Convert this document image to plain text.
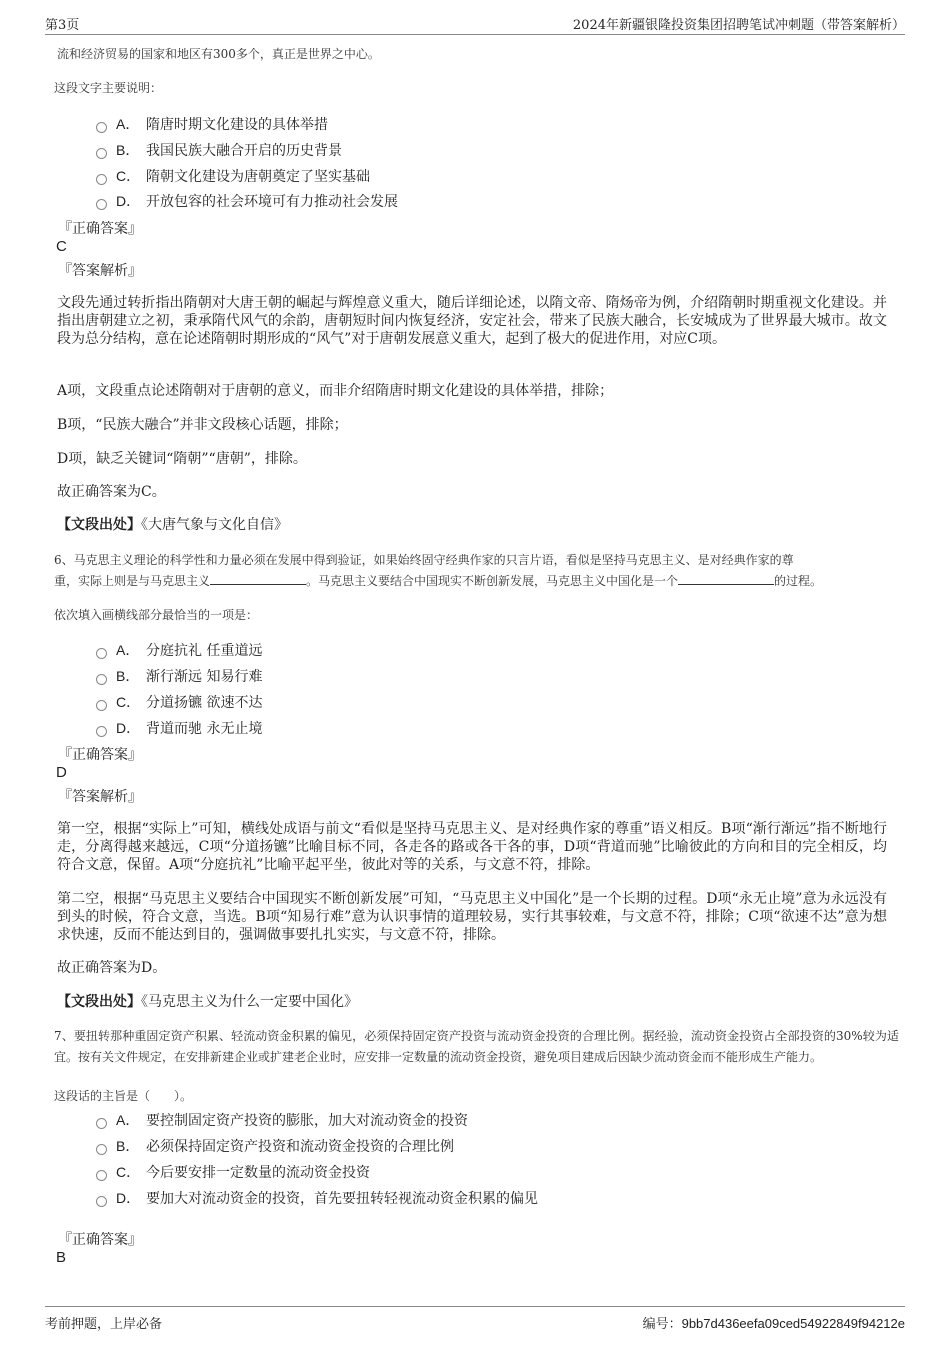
第3页	2024年新疆银隆投资集团招聘笔试冲刺题（带答案解析）
流和经济贸易的国家和地区有300多个，真正是世界之中心。
这段文字主要说明：
A． 隋唐时期文化建设的具体举措
B． 我国民族大融合开启的历史背景
C． 隋朝文化建设为唐朝奠定了坚实基础
D． 开放包容的社会环境可有力推动社会发展
『正确答案』
C
『答案解析』
文段先通过转折指出隋朝对大唐王朝的崛起与辉煌意义重大，随后详细论述，以隋文帝、隋炀帝为例，介绍隋朝时期重视文化建设。并指出唐朝建立之初，秉承隋代风气的余韵，唐朝短时间内恢复经济，安定社会，带来了民族大融合，长安城成为了世界最大城市。故文段为总分结构，意在论述隋朝时期形成的“风气”对于唐朝发展意义重大，起到了极大的促进作用，对应C项。
A项，文段重点论述隋朝对于唐朝的意义，而非介绍隋唐时期文化建设的具体举措，排除；
B项，“民族大融合”并非文段核心话题，排除；
D项，缺乏关键词“隋朝”“唐朝”，排除。
故正确答案为C。
【文段出处】《大唐气象与文化自信》
6、马克思主义理论的科学性和力量必须在发展中得到验证，如果始终固守经典作家的只言片语，看似是坚持马克思主义、是对经典作家的尊
重，实际上则是与马克思主义	。马克思主义要结合中国现实不断创新发展，马克思主义中国化是一个	的过程。
依次填入画横线部分最恰当的一项是：
A． 分庭抗礼 任重道远
B． 渐行渐远 知易行难
C． 分道扬镳 欲速不达
D． 背道而驰 永无止境
『正确答案』
D
『答案解析』
第一空，根据“实际上”可知，横线处成语与前文“看似是坚持马克思主义、是对经典作家的尊重”语义相反。B项“渐行渐远”指不断地行走，分离得越来越远，C项“分道扬镳”比喻目标不同，各走各的路或各干各的事，D项“背道而驰”比喻彼此的方向和目的完全相反，均符合文意，保留。A项“分庭抗礼”比喻平起平坐，彼此对等的关系，与文意不符，排除。
第二空，根据“马克思主义要结合中国现实不断创新发展”可知，“马克思主义中国化”是一个长期的过程。D项“永无止境”意为永远没有到头的时候，符合文意，当选。B项“知易行难”意为认识事情的道理较易，实行其事较难，与文意不符，排除；C项“欲速不达”意为想求快速，反而不能达到目的，强调做事要扎扎实实，与文意不符，排除。
故正确答案为D。
【文段出处】《马克思主义为什么一定要中国化》
7、要扭转那种重固定资产积累、轻流动资金积累的偏见，必须保持固定资产投资与流动资金投资的合理比例。据经验，流动资金投资占全部投资的30%较为适宜。按有关文件规定，在安排新建企业或扩建老企业时，应安排一定数量的流动资金投资，避免项目建成后因缺少流动资金而不能形成生产能力。
这段话的主旨是（　　）。
A． 要控制固定资产投资的膨胀，加大对流动资金的投资
B． 必须保持固定资产投资和流动资金投资的合理比例
C． 今后要安排一定数量的流动资金投资
D． 要加大对流动资金的投资，首先要扭转轻视流动资金积累的偏见
『正确答案』
B
考前押题，上岸必备	编号：9bb7d436eefa09ced54922849f94212e
